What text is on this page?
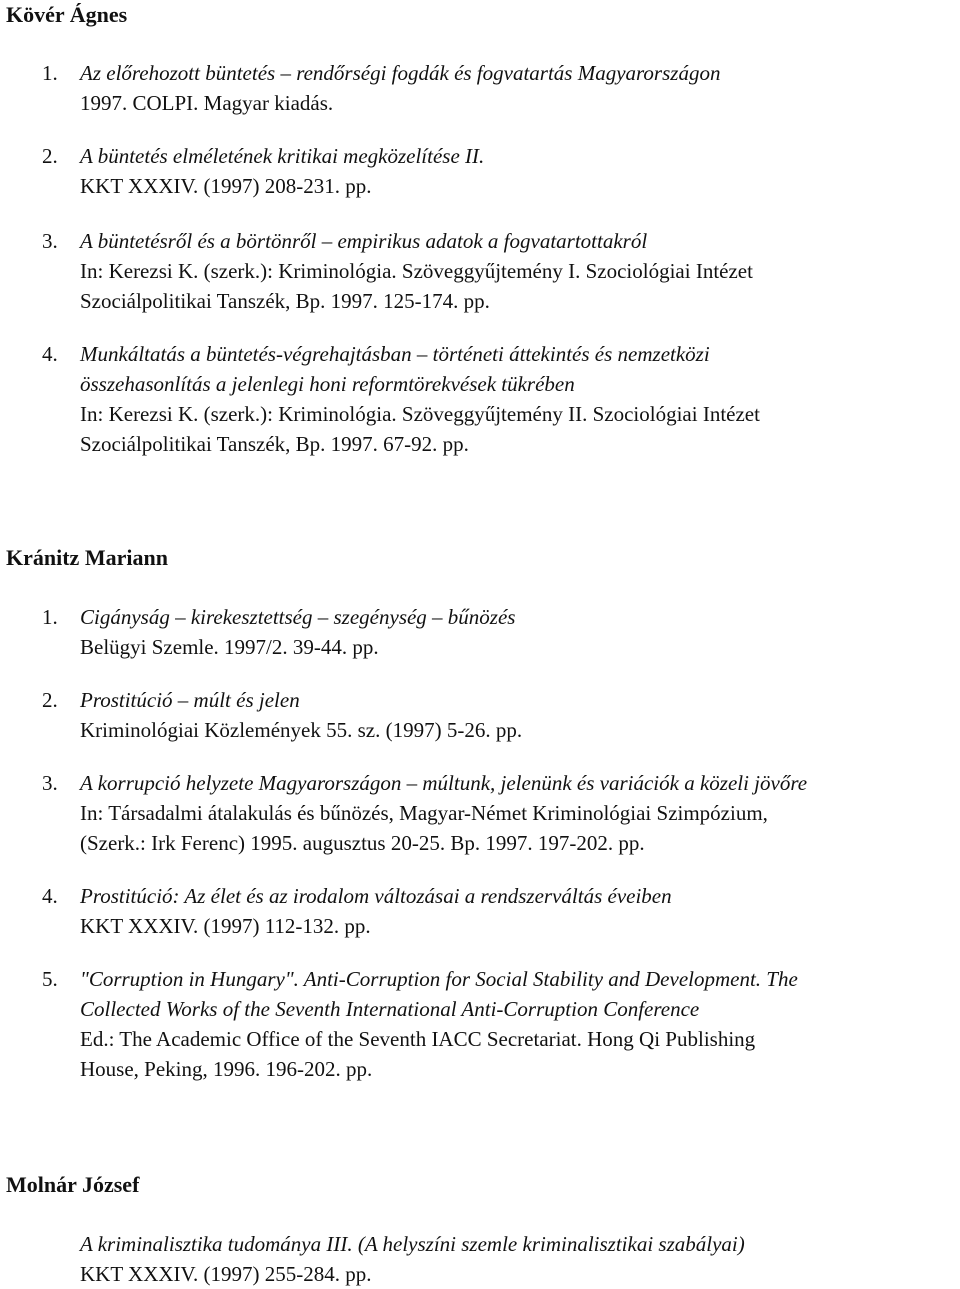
Kövér Ágnes
1.	Az előrehozott büntetés – rendőrségi fogdák és fogvatartás Magyarországon
1997. COLPI. Magyar kiadás.
2.	A büntetés elméletének kritikai megközelítése II.
KKT XXXIV. (1997) 208-231. pp.
3.	A büntetésről és a börtönről – empirikus adatok a fogvatartottakról
In: Kerezsi K. (szerk.): Kriminológia. Szöveggyűjtemény I. Szociológiai Intézet
Szociálpolitikai Tanszék, Bp. 1997. 125-174. pp.
4.	Munkáltatás a büntetés-végrehajtásban – történeti áttekintés és nemzetközi
összehasonlítás a jelenlegi honi reformtörekvések tükrében
In: Kerezsi K. (szerk.): Kriminológia. Szöveggyűjtemény II. Szociológiai Intézet
Szociálpolitikai Tanszék, Bp. 1997. 67-92. pp.
Kránitz Mariann
1.	Cigányság – kirekesztettség – szegénység – bűnözés
Belügyi Szemle. 1997/2. 39-44. pp.
2.	Prostitúció – múlt és jelen
Kriminológiai Közlemények 55. sz. (1997) 5-26. pp.
3.	A korrupció helyzete Magyarországon – múltunk, jelenünk és variációk a közeli jövőre
In: Társadalmi átalakulás és bűnözés, Magyar-Német Kriminológiai Szimpózium,
(Szerk.: Irk Ferenc) 1995. augusztus 20-25. Bp. 1997. 197-202. pp.
4.	Prostitúció: Az élet és az irodalom változásai a rendszerváltás éveiben
KKT XXXIV. (1997) 112-132. pp.
5.	"Corruption in Hungary". Anti-Corruption for Social Stability and Development. The
Collected Works of the Seventh International Anti-Corruption Conference
Ed.: The Academic Office of the Seventh IACC Secretariat. Hong Qi Publishing
House, Peking, 1996. 196-202. pp.
Molnár József
A kriminalisztika tudománya III. (A helyszíni szemle kriminalisztikai szabályai)
KKT XXXIV. (1997) 255-284. pp.
